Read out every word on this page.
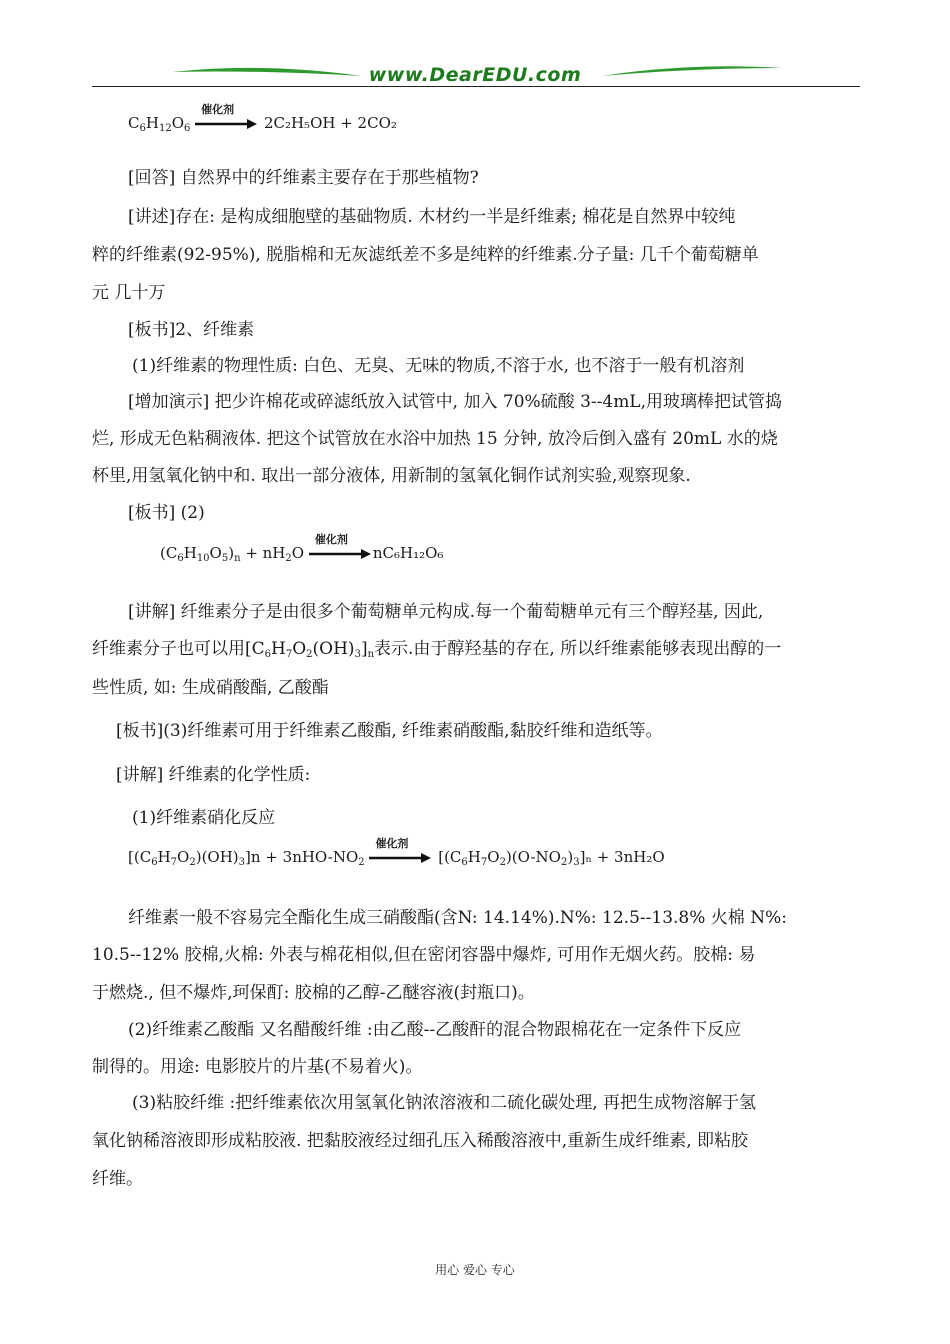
www.DearEDU.com
$C_6H_{12}O_6$
催化剂
2C₂H₅OH + 2CO₂
[回答] 自然界中的纤维素主要存在于那些植物?
[讲述]存在: 是构成细胞壁的基础物质. 木材约一半是纤维素; 棉花是自然界中较纯
粹的纤维素(92-95%), 脱脂棉和无灰滤纸差不多是纯粹的纤维素.分子量: 几千个葡萄糖单
元 几十万
[板书]2、纤维素
(1)纤维素的物理性质: 白色、无臭、无味的物质,不溶于水, 也不溶于一般有机溶剂
[增加演示] 把少许棉花或碎滤纸放入试管中, 加入 70%硫酸 3--4mL,用玻璃棒把试管捣
烂, 形成无色粘稠液体. 把这个试管放在水浴中加热 15 分钟, 放冷后倒入盛有 20mL 水的烧
杯里,用氢氧化钠中和. 取出一部分液体, 用新制的氢氧化铜作试剂实验,观察现象.
[板书] (2)
$(C_6H_{10}O_5)_n + nH_2O$
催化剂
nC₆H₁₂O₆
[讲解] 纤维素分子是由很多个葡萄糖单元构成.每一个葡萄糖单元有三个醇羟基, 因此,
纤维素分子也可以用$[C_6H_7O_2(OH)_3]_n$表示.由于醇羟基的存在, 所以纤维素能够表现出醇的一
些性质, 如: 生成硝酸酯, 乙酸酯
[板书](3)纤维素可用于纤维素乙酸酯, 纤维素硝酸酯,黏胶纤维和造纸等。
[讲解] 纤维素的化学性质:
(1)纤维素硝化反应
$[(C_6H_7O_2)(OH)_3]n + 3nHO-NO_2$
催化剂
$[(C_6H_7O_2)(O-NO_2)_3]_n + 3nH_2O$
纤维素一般不容易完全酯化生成三硝酸酯(含N: 14.14%).N%: 12.5--13.8% 火棉 N%:
10.5--12% 胶棉,火棉: 外表与棉花相似,但在密闭容器中爆炸, 可用作无烟火药。胶棉: 易
于燃烧., 但不爆炸,珂保酊: 胶棉的乙醇-乙醚容液(封瓶口)。
(2)纤维素乙酸酯 又名醋酸纤维 :由乙酸--乙酸酐的混合物跟棉花在一定条件下反应
制得的。用途: 电影胶片的片基(不易着火)。
(3)粘胶纤维 :把纤维素依次用氢氧化钠浓溶液和二硫化碳处理, 再把生成物溶解于氢
氧化钠稀溶液即形成粘胶液. 把黏胶液经过细孔压入稀酸溶液中,重新生成纤维素, 即粘胶
纤维。
用心 爱心 专心
